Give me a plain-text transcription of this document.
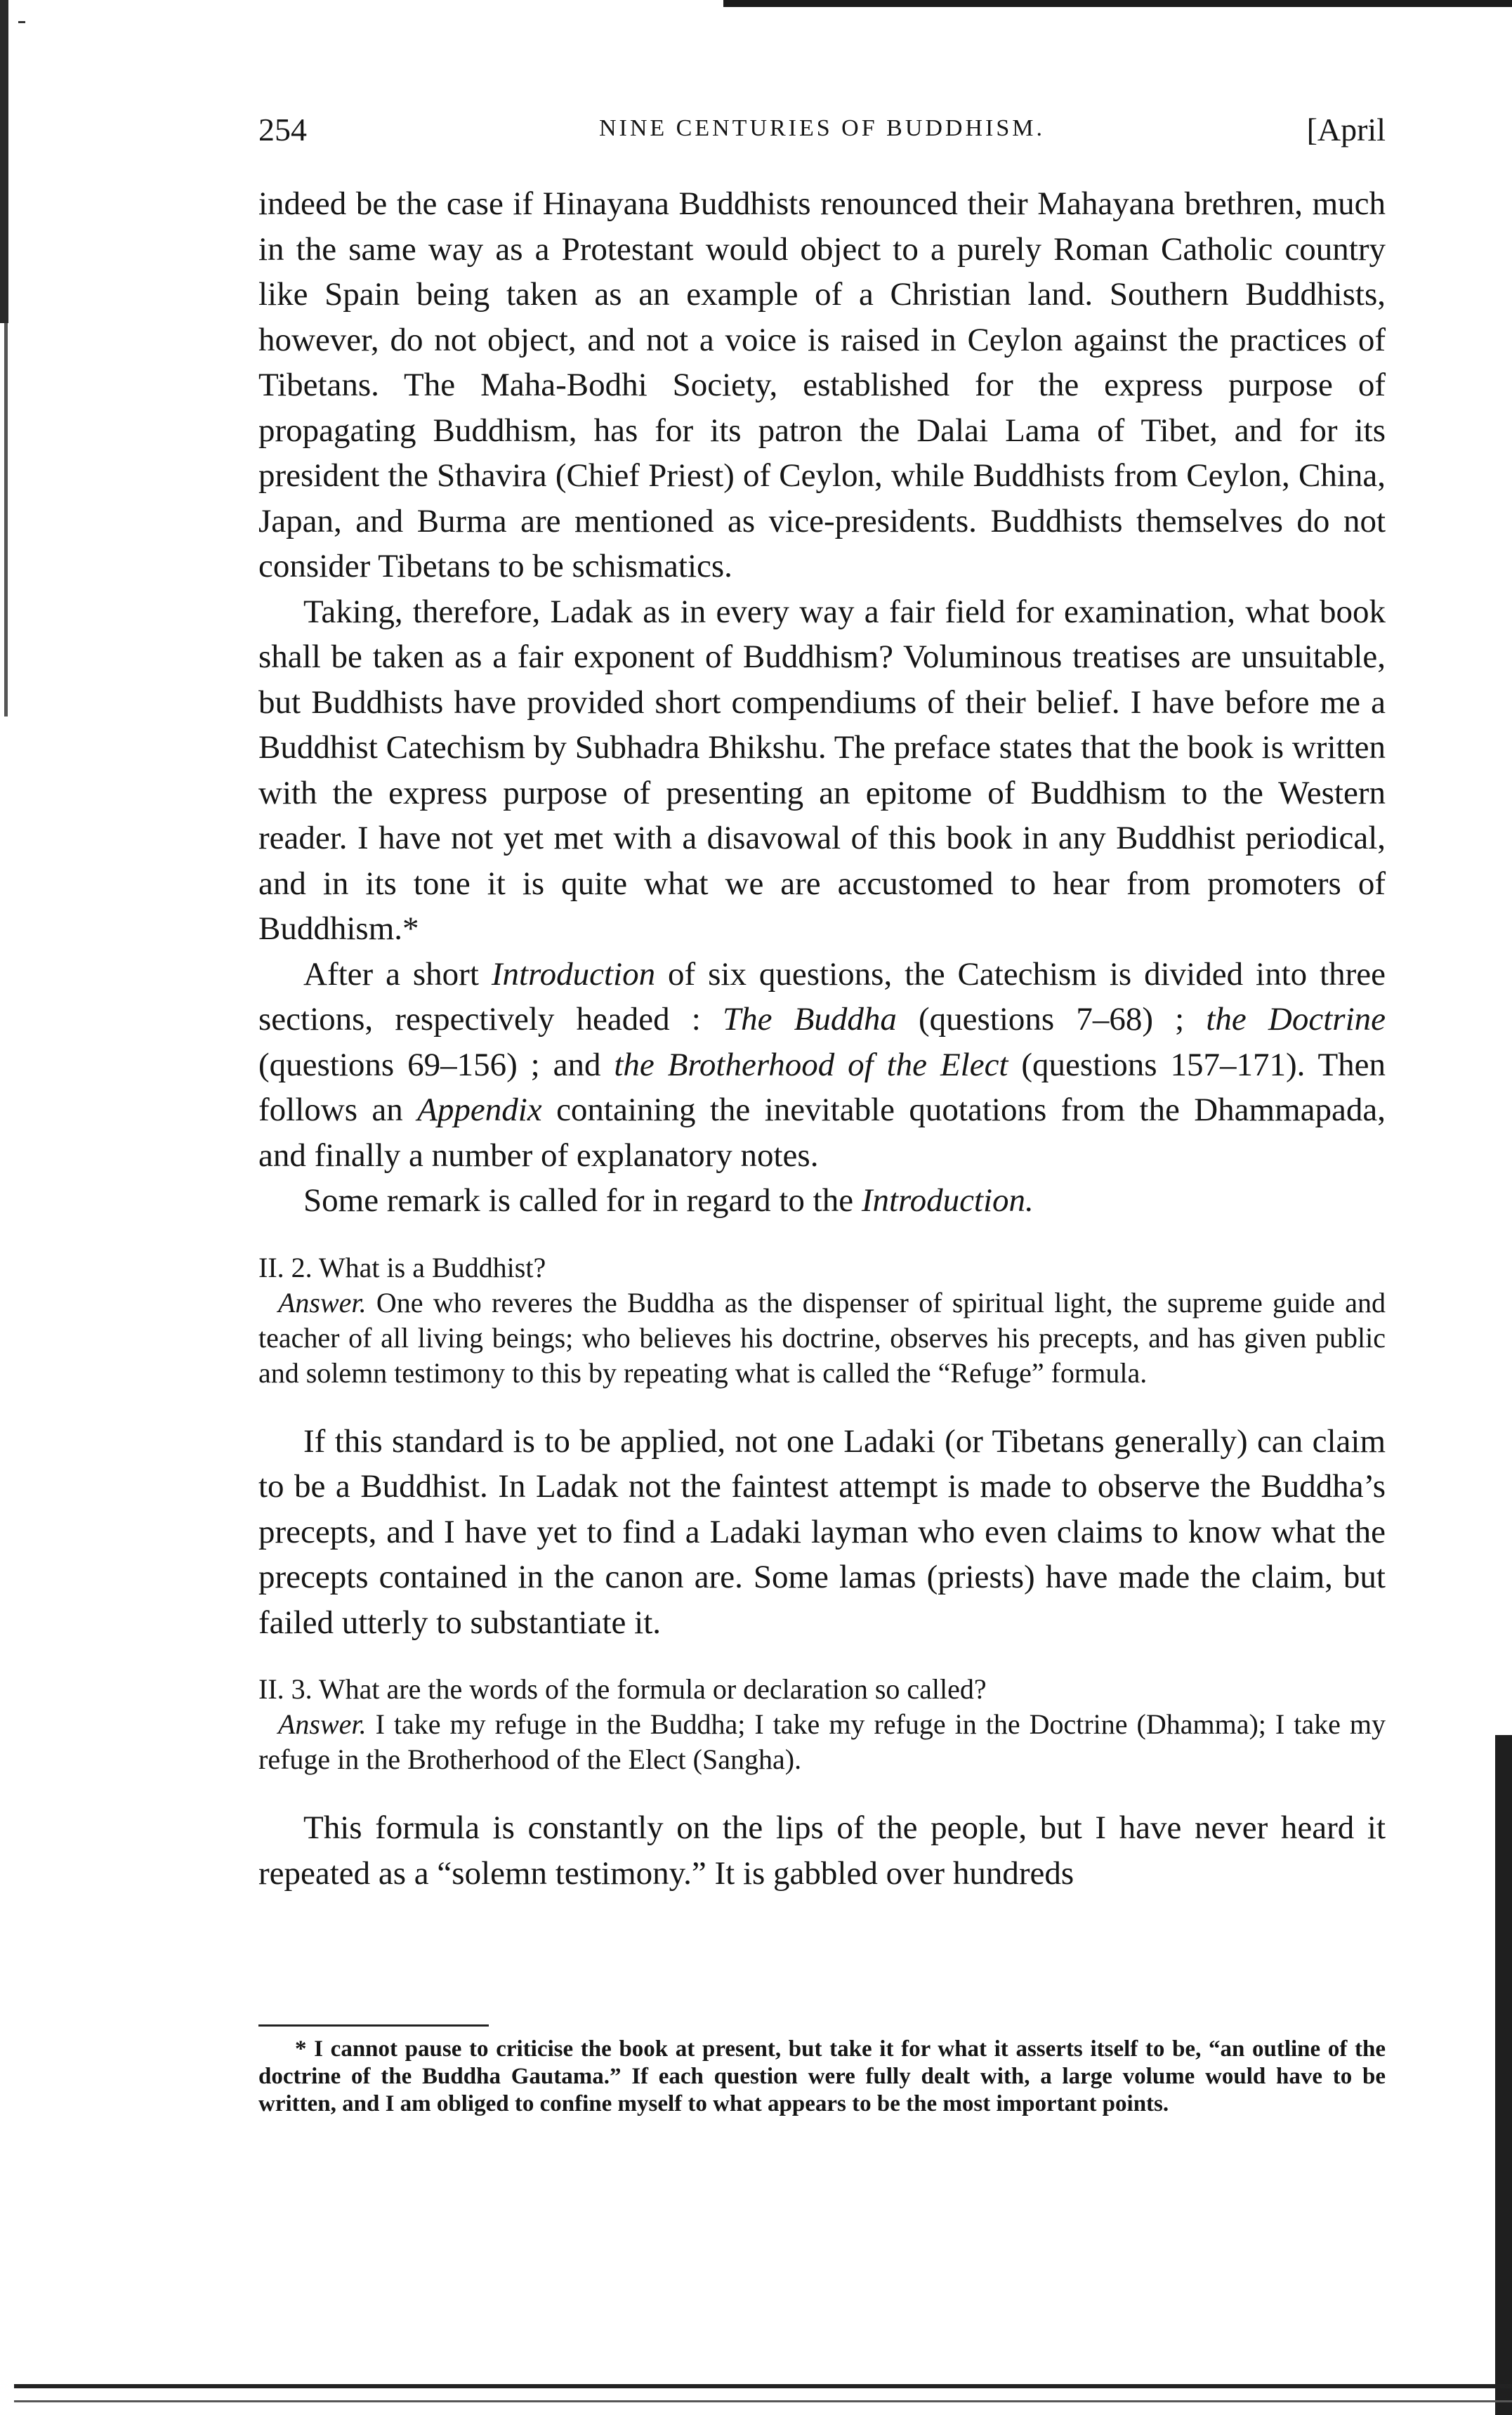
254	NINE CENTURIES OF BUDDHISM.	[April

indeed be the case if Hinayana Buddhists renounced their Mahayana brethren, much in the same way as a Protestant would object to a purely Roman Catholic country like Spain being taken as an example of a Christian land. Southern Buddhists, however, do not object, and not a voice is raised in Ceylon against the practices of Tibetans. The Maha-Bodhi Society, established for the express purpose of propagating Buddhism, has for its patron the Dalai Lama of Tibet, and for its president the Sthavira (Chief Priest) of Ceylon, while Buddhists from Ceylon, China, Japan, and Burma are mentioned as vice-presidents. Buddhists themselves do not consider Tibetans to be schismatics.

Taking, therefore, Ladak as in every way a fair field for examination, what book shall be taken as a fair exponent of Buddhism? Voluminous treatises are unsuitable, but Buddhists have provided short compendiums of their belief. I have before me a Buddhist Catechism by Subhadra Bhikshu. The preface states that the book is written with the express purpose of presenting an epitome of Buddhism to the Western reader. I have not yet met with a disavowal of this book in any Buddhist periodical, and in its tone it is quite what we are accustomed to hear from promoters of Buddhism.*

After a short Introduction of six questions, the Catechism is divided into three sections, respectively headed : The Buddha (questions 7–68) ; the Doctrine (questions 69–156) ; and the Brotherhood of the Elect (questions 157–171). Then follows an Appendix containing the inevitable quotations from the Dhammapada, and finally a number of explanatory notes.

Some remark is called for in regard to the Introduction.

II. 2. What is a Buddhist?

Answer. One who reveres the Buddha as the dispenser of spiritual light, the supreme guide and teacher of all living beings; who believes his doctrine, observes his precepts, and has given public and solemn testimony to this by repeating what is called the “Refuge” formula.

If this standard is to be applied, not one Ladaki (or Tibetans generally) can claim to be a Buddhist. In Ladak not the faintest attempt is made to observe the Buddha’s precepts, and I have yet to find a Ladaki layman who even claims to know what the precepts contained in the canon are. Some lamas (priests) have made the claim, but failed utterly to substantiate it.

II. 3. What are the words of the formula or declaration so called?

Answer. I take my refuge in the Buddha; I take my refuge in the Doctrine (Dhamma); I take my refuge in the Brotherhood of the Elect (Sangha).

This formula is constantly on the lips of the people, but I have never heard it repeated as a “solemn testimony.” It is gabbled over hundreds

* I cannot pause to criticise the book at present, but take it for what it asserts itself to be, “an outline of the doctrine of the Buddha Gautama.” If each question were fully dealt with, a large volume would have to be written, and I am obliged to confine myself to what appears to be the most important points.
